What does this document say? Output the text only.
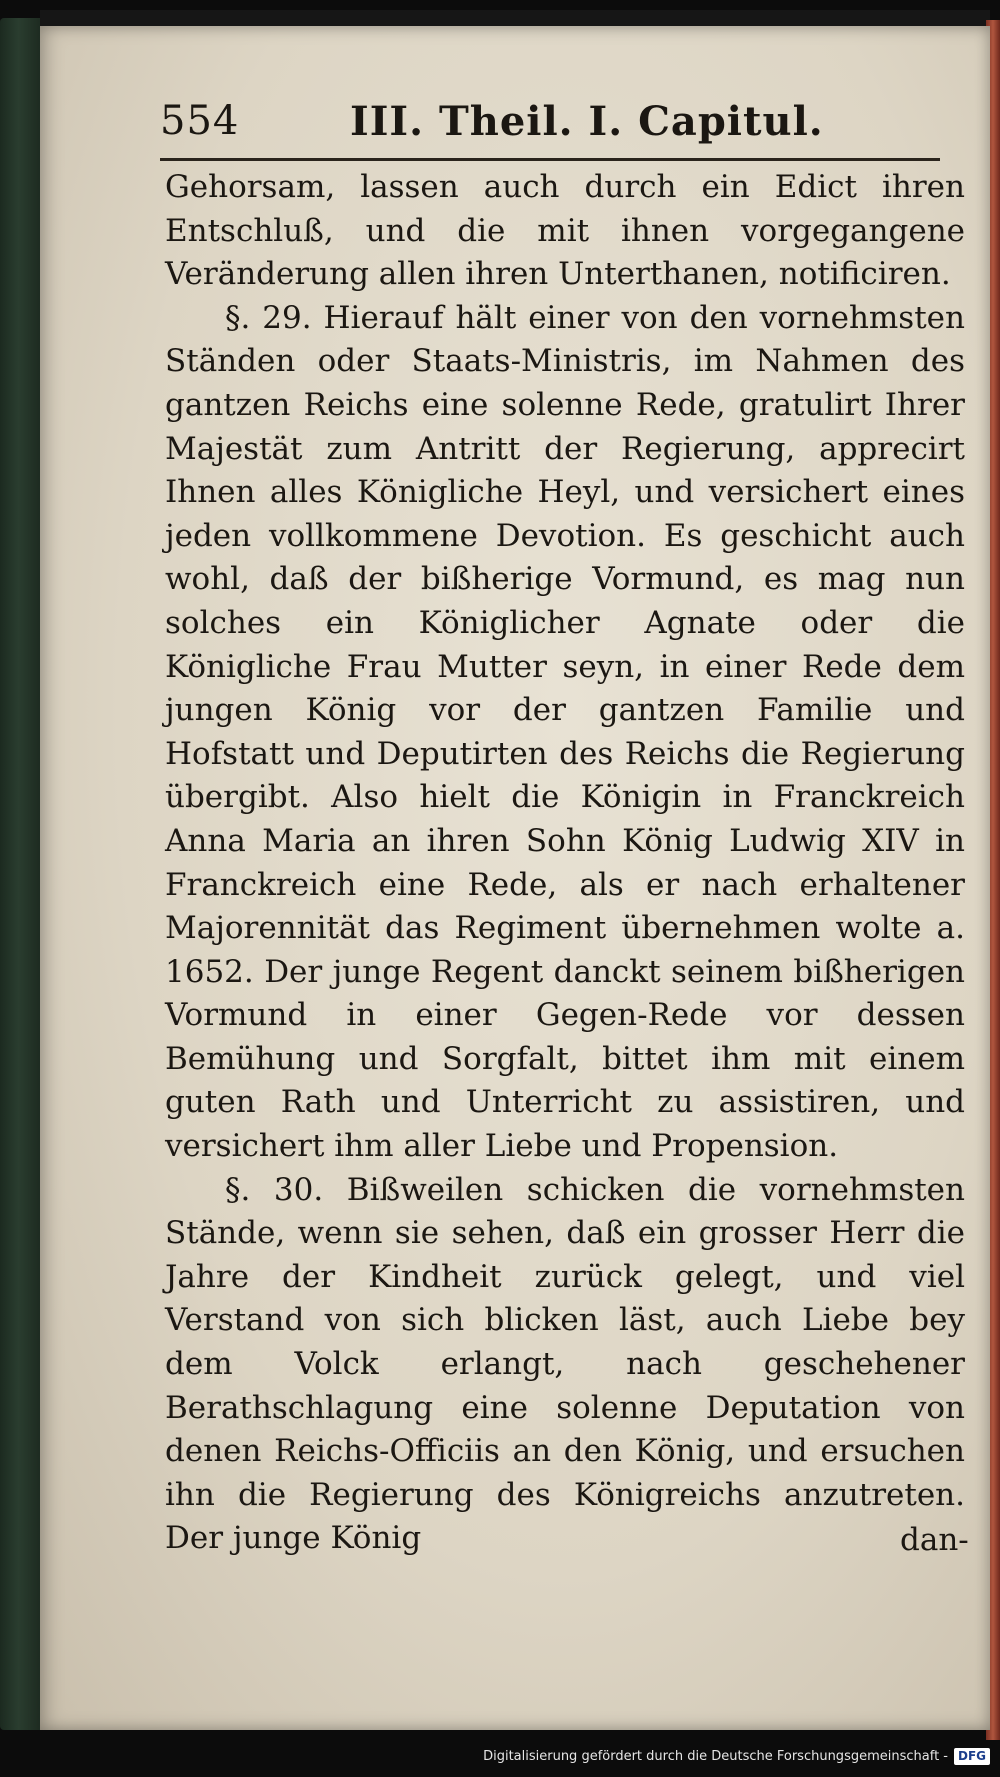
554	III. Theil. I. Capitul.

Gehorsam, lassen auch durch ein Edict ihren Entschluß, und die mit ihnen vorgegangene Veränderung allen ihren Unterthanen, notificiren.

§. 29. Hierauf hält einer von den vornehmsten Ständen oder Staats-Ministris, im Nahmen des gantzen Reichs eine solenne Rede, gratulirt Ihrer Majestät zum Antritt der Regierung, apprecirt Ihnen alles Königliche Heyl, und versichert eines jeden vollkommene Devotion. Es geschicht auch wohl, daß der bißherige Vormund, es mag nun solches ein Königlicher Agnate oder die Königliche Frau Mutter seyn, in einer Rede dem jungen König vor der gantzen Familie und Hofstatt und Deputirten des Reichs die Regierung übergibt. Also hielt die Königin in Franckreich Anna Maria an ihren Sohn König Ludwig XIV in Franckreich eine Rede, als er nach erhaltener Majorennität das Regiment übernehmen wolte a. 1652. Der junge Regent danckt seinem bißherigen Vormund in einer Gegen-Rede vor dessen Bemühung und Sorgfalt, bittet ihm mit einem guten Rath und Unterricht zu assistiren, und versichert ihm aller Liebe und Propension.

§. 30. Bißweilen schicken die vornehmsten Stände, wenn sie sehen, daß ein grosser Herr die Jahre der Kindheit zurück gelegt, und viel Verstand von sich blicken läst, auch Liebe bey dem Volck erlangt, nach geschehener Berathschlagung eine solenne Deputation von denen Reichs-Officiis an den König, und ersuchen ihn die Regierung des Königreichs anzutreten. Der junge König	dan-
Digitalisierung gefördert durch die Deutsche Forschungsgemeinschaft - DFG
